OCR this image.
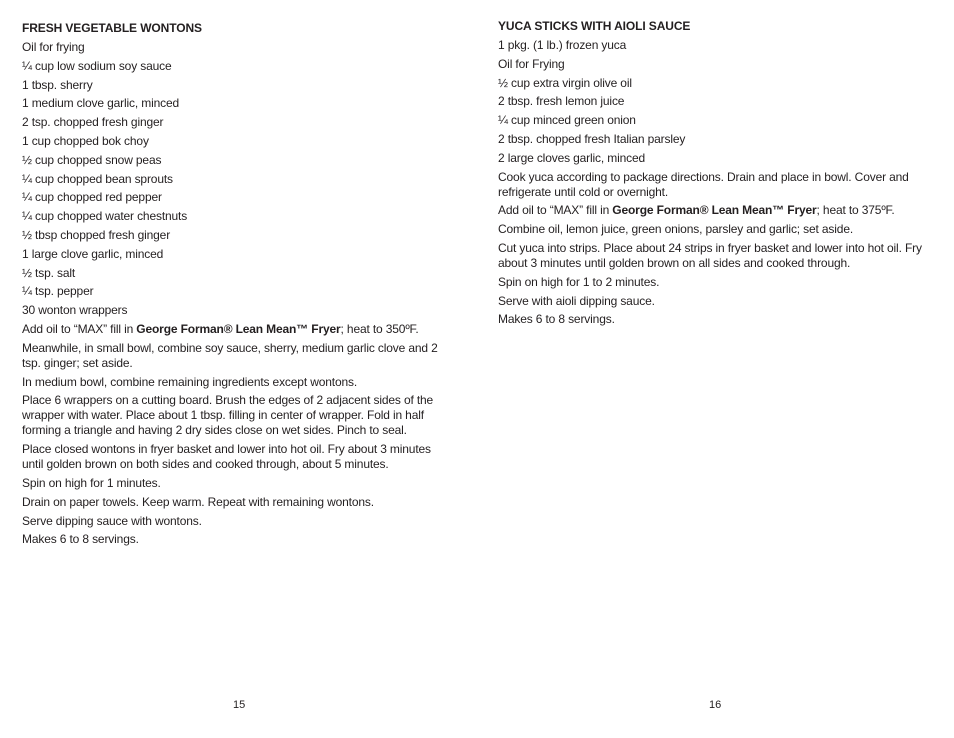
FRESH VEGETABLE WONTONS
Oil for frying
¼ cup low sodium soy sauce
1 tbsp. sherry
1 medium clove garlic, minced
2 tsp. chopped fresh ginger
1 cup chopped bok choy
½ cup chopped snow peas
¼ cup chopped bean sprouts
¼ cup chopped red pepper
¼ cup chopped water chestnuts
½ tbsp chopped fresh ginger
1 large clove garlic, minced
½ tsp. salt
¼ tsp. pepper
30 wonton wrappers
Add oil to “MAX” fill in George Forman® Lean Mean™ Fryer; heat to 350ºF.
Meanwhile, in small bowl, combine soy sauce, sherry, medium garlic clove and 2 tsp. ginger; set aside.
In medium bowl, combine remaining ingredients except wontons.
Place 6 wrappers on a cutting board. Brush the edges of 2 adjacent sides of the wrapper with water. Place about 1 tbsp. filling in center of wrapper. Fold in half forming a triangle and having 2 dry sides close on wet sides. Pinch to seal.
Place closed wontons in fryer basket and lower into hot oil. Fry about 3 minutes until golden brown on both sides and cooked through, about 5 minutes.
Spin on high for 1 minutes.
Drain on paper towels. Keep warm. Repeat with remaining wontons.
Serve dipping sauce with wontons.
Makes 6 to 8 servings.
15
YUCA STICKS WITH AIOLI SAUCE
1 pkg. (1 lb.) frozen yuca
Oil for Frying
½ cup extra virgin olive oil
2 tbsp. fresh lemon juice
¼ cup minced green onion
2 tbsp. chopped fresh Italian parsley
2 large cloves garlic, minced
Cook yuca according to package directions. Drain and place in bowl. Cover and refrigerate until cold or overnight.
Add oil to “MAX” fill in George Forman® Lean Mean™ Fryer; heat to 375ºF.
Combine oil, lemon juice, green onions, parsley and garlic; set aside.
Cut yuca into strips. Place about 24 strips in fryer basket and lower into hot oil. Fry about 3 minutes until golden brown on all sides and cooked through.
Spin on high for 1 to 2 minutes.
Serve with aioli dipping sauce.
Makes 6 to 8 servings.
16
